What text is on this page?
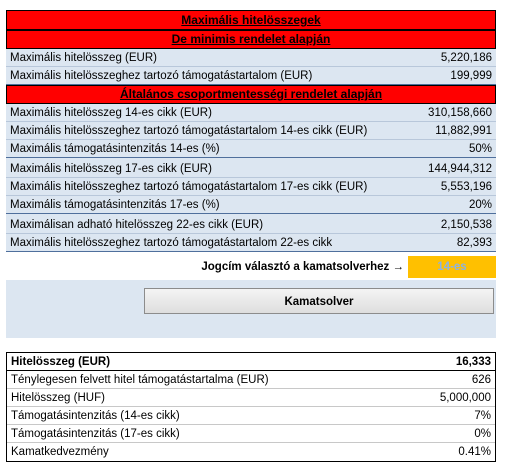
Maximális hitelösszegek
De minimis rendelet alapján
Maximális hitelösszeg (EUR)	5,220,186
Maximális hitelösszeghez tartozó támogatástartalom (EUR)	199,999
Általános csoportmentességi rendelet alapján
Maximális hitelösszeg 14-es cikk (EUR)	310,158,660
Maximális hitelösszeghez tartozó támogatástartalom 14-es cikk (EUR)	11,882,991
Maximális támogatásintenzitás 14-es (%)	50%
Maximális hitelösszeg 17-es cikk (EUR)	144,944,312
Maximális hitelösszeghez tartozó támogatástartalom 17-es cikk (EUR)	5,553,196
Maximális támogatásintenzitás 17-es (%)	20%
Maximálisan adható hitelösszeg 22-es cikk (EUR)	2,150,538
Maximális hitelösszeghez tartozó támogatástartalom 22-es cikk	82,393
Jogcím választó a kamatsolverhez →	14-es
Kamatsolver
Hitelösszeg (EUR)	16,333
Ténylegesen felvett hitel támogatástartalma (EUR)	626
Hitelösszeg (HUF)	5,000,000
Támogatásintenzitás (14-es cikk)	7%
Támogatásintenzitás (17-es cikk)	0%
Kamatkedvezmény	0.41%
